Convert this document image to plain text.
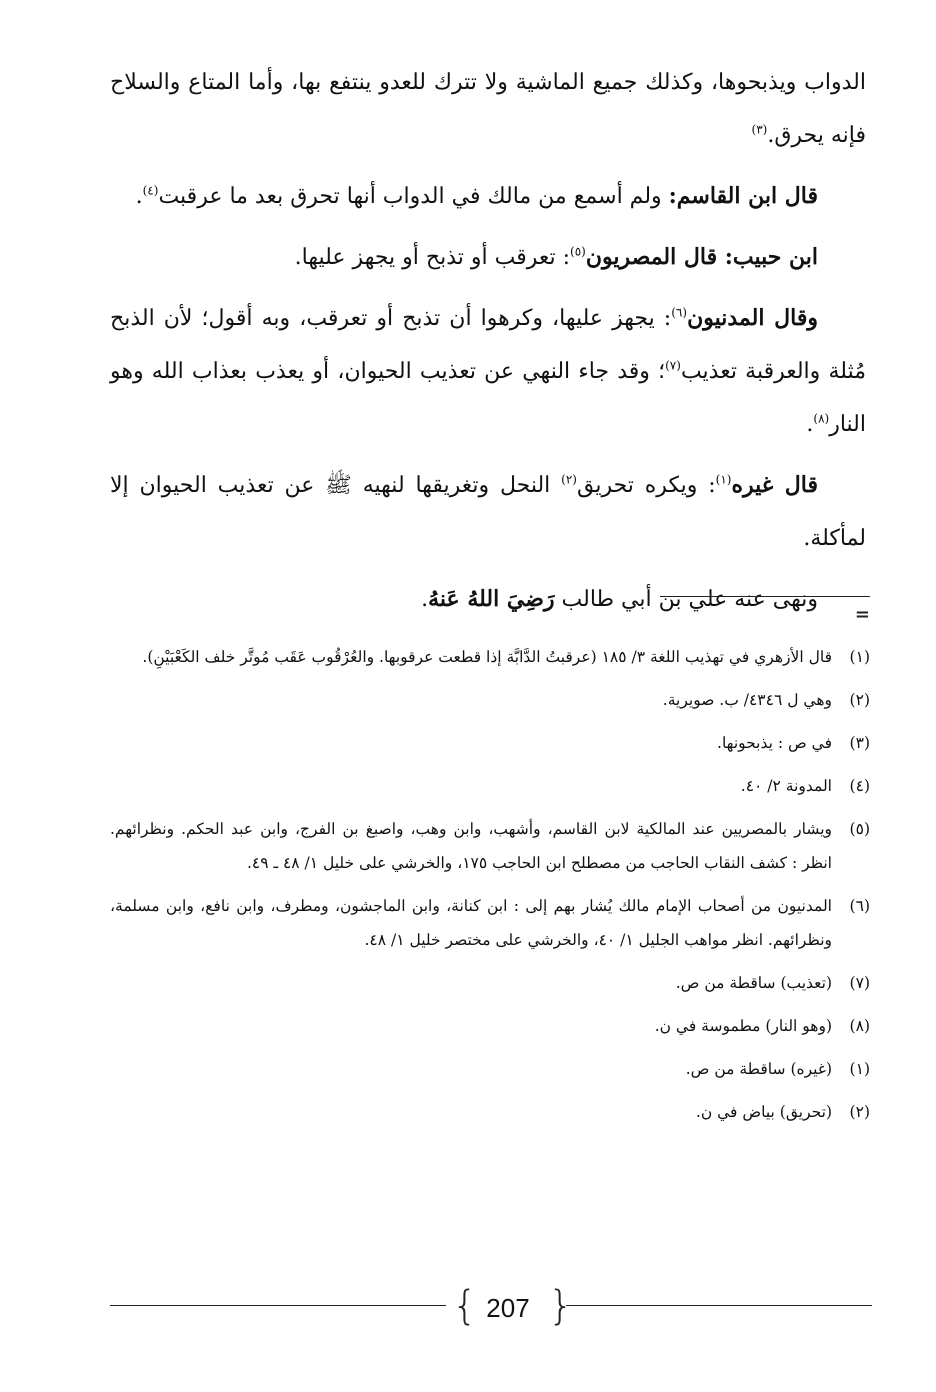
الدواب ويذبحوها، وكذلك جميع الماشية ولا تترك للعدو ينتفع بها، وأما المتاع والسلاح فإنه يحرق.$^{(٣)}$

قال ابن القاسم: ولم أسمع من مالك في الدواب أنها تحرق بعد ما عرقبت$^{(٤)}$.

ابن حبيب: قال المصريون$^{(٥)}$: تعرقب أو تذبح أو يجهز عليها.

وقال المدنيون$^{(٦)}$: يجهز عليها، وكرهوا أن تذبح أو تعرقب، وبه أقول؛ لأن الذبح مُثلة والعرقبة تعذيب$^{(٧)}$؛ وقد جاء النهي عن تعذيب الحيوان، أو يعذب بعذاب الله وهو النار$^{(٨)}$.

قال غيره$^{(١)}$: ويكره تحريق$^{(٢)}$ النحل وتغريقها لنهيه ﷺ عن تعذيب الحيوان إلا لمأكلة.

ونهى عنه علي بن أبي طالب رَضِيَ اللهُ عَنهُ.

=
(١)
قال الأزهري في تهذيب اللغة ٣/ ١٨٥ (عرقبتُ الدَّابَّة إذا قطعت عرقوبها. والعُرْقُوب عَقَب مُوتَّر خلف الكَعْبَيْنِ).
(٢)
وهي ل ٤٣٤٦/ ب. صويرية.
(٣)
في ص : يذبحونها.
(٤)
المدونة ٢/ ٤٠.
(٥)
ويشار بالمصريين عند المالكية لابن القاسم، وأشهب، وابن وهب، واصبغ بن الفرج، وابن عبد الحكم. ونظرائهم. انظر : كشف النقاب الحاجب من مصطلح ابن الحاجب ١٧٥، والخرشي على خليل ١/ ٤٨ ـ ٤٩.
(٦)
المدنيون من أصحاب الإمام مالك يُشار بهم إلى : ابن كنانة، وابن الماجشون، ومطرف، وابن نافع، وابن مسلمة، ونظرائهم. انظر مواهب الجليل ١/ ٤٠، والخرشي على مختصر خليل ١/ ٤٨.
(٧)
(تعذيب) ساقطة من ص.
(٨)
(وهو النار) مطموسة في ن.
(١)
(غيره) ساقطة من ص.
(٢)
(تحريق) بياض في ن.
{ }
207
